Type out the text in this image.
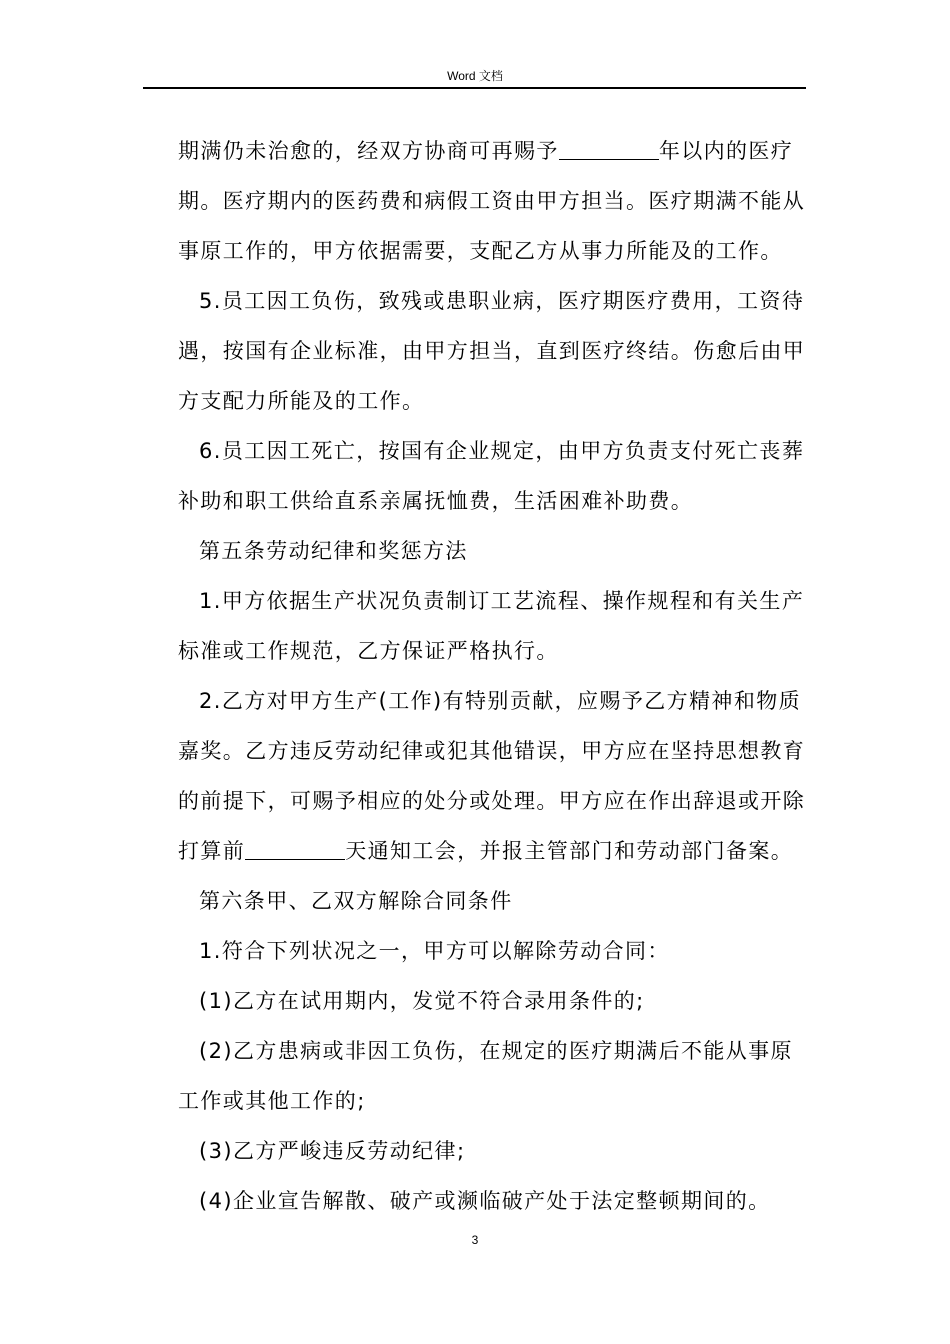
Word 文档

期满仍未治愈的，经双方协商可再赐予	年以内的医疗期。医疗期内的医药费和病假工资由甲方担当。医疗期满不能从事原工作的，甲方依据需要，支配乙方从事力所能及的工作。

5.员工因工负伤，致残或患职业病，医疗期医疗费用，工资待遇，按国有企业标准，由甲方担当，直到医疗终结。伤愈后由甲方支配力所能及的工作。

6.员工因工死亡，按国有企业规定，由甲方负责支付死亡丧葬补助和职工供给直系亲属抚恤费，生活困难补助费。

第五条劳动纪律和奖惩方法

1.甲方依据生产状况负责制订工艺流程、操作规程和有关生产标准或工作规范，乙方保证严格执行。

2.乙方对甲方生产(工作)有特别贡献，应赐予乙方精神和物质嘉奖。乙方违反劳动纪律或犯其他错误，甲方应在坚持思想教育的前提下，可赐予相应的处分或处理。甲方应在作出辞退或开除打算前	天通知工会，并报主管部门和劳动部门备案。

第六条甲、乙双方解除合同条件

1.符合下列状况之一，甲方可以解除劳动合同：

(1)乙方在试用期内，发觉不符合录用条件的;

(2)乙方患病或非因工负伤，在规定的医疗期满后不能从事原工作或其他工作的;

(3)乙方严峻违反劳动纪律;

(4)企业宣告解散、破产或濒临破产处于法定整顿期间的。

3
